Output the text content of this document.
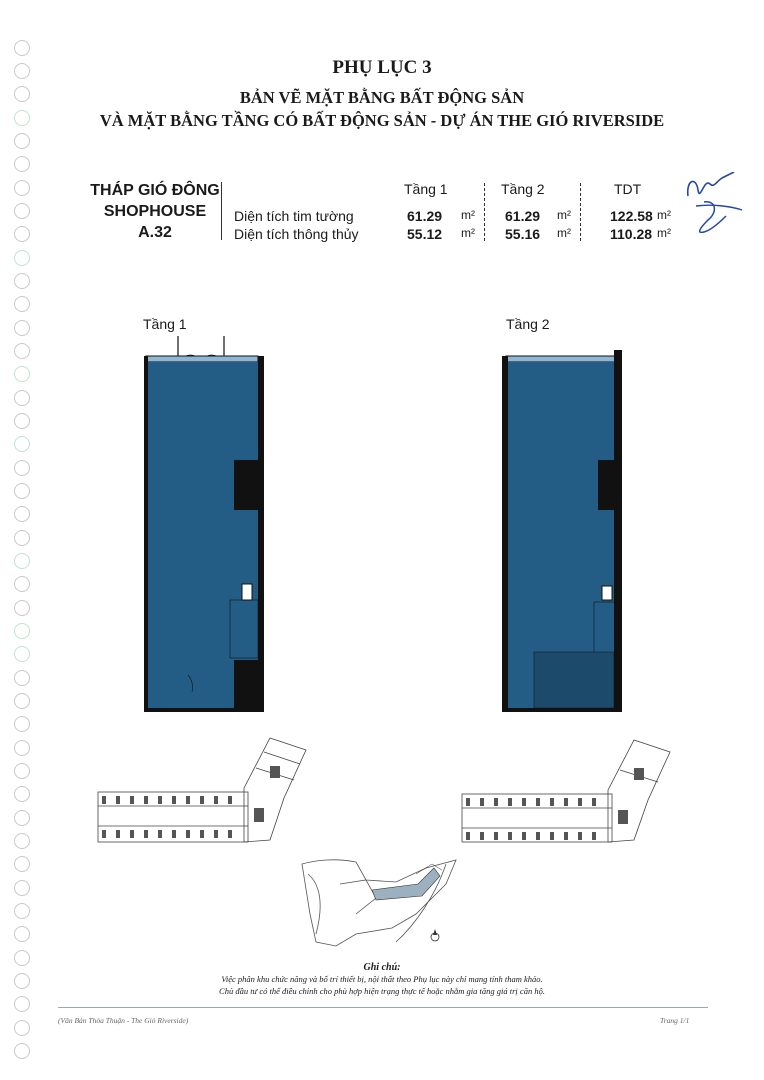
PHỤ LỤC 3
BẢN VẼ MẶT BẰNG BẤT ĐỘNG SẢN
VÀ MẶT BẰNG TẦNG CÓ BẤT ĐỘNG SẢN - DỰ ÁN THE GIÓ RIVERSIDE
THÁP GIÓ ĐÔNG
SHOPHOUSE
A.32
Tầng 1	Tầng 2	TDT
Diện tích tim tường	61.29 m² 61.29 m²	122.58 m²
Diện tích thông thủy	55.12 m² 55.16 m²	110.28 m²
Tầng 1	Tầng 2
Ghi chú:
Việc phân khu chức năng và bố trí thiết bị, nội thất theo Phụ lục này chỉ mang tính tham khảo.
Chủ đầu tư có thể điều chỉnh cho phù hợp hiện trạng thực tế hoặc nhằm gia tăng giá trị căn hộ.
(Văn Bản Thỏa Thuận - The Gió Riverside)	Trang 1/1
